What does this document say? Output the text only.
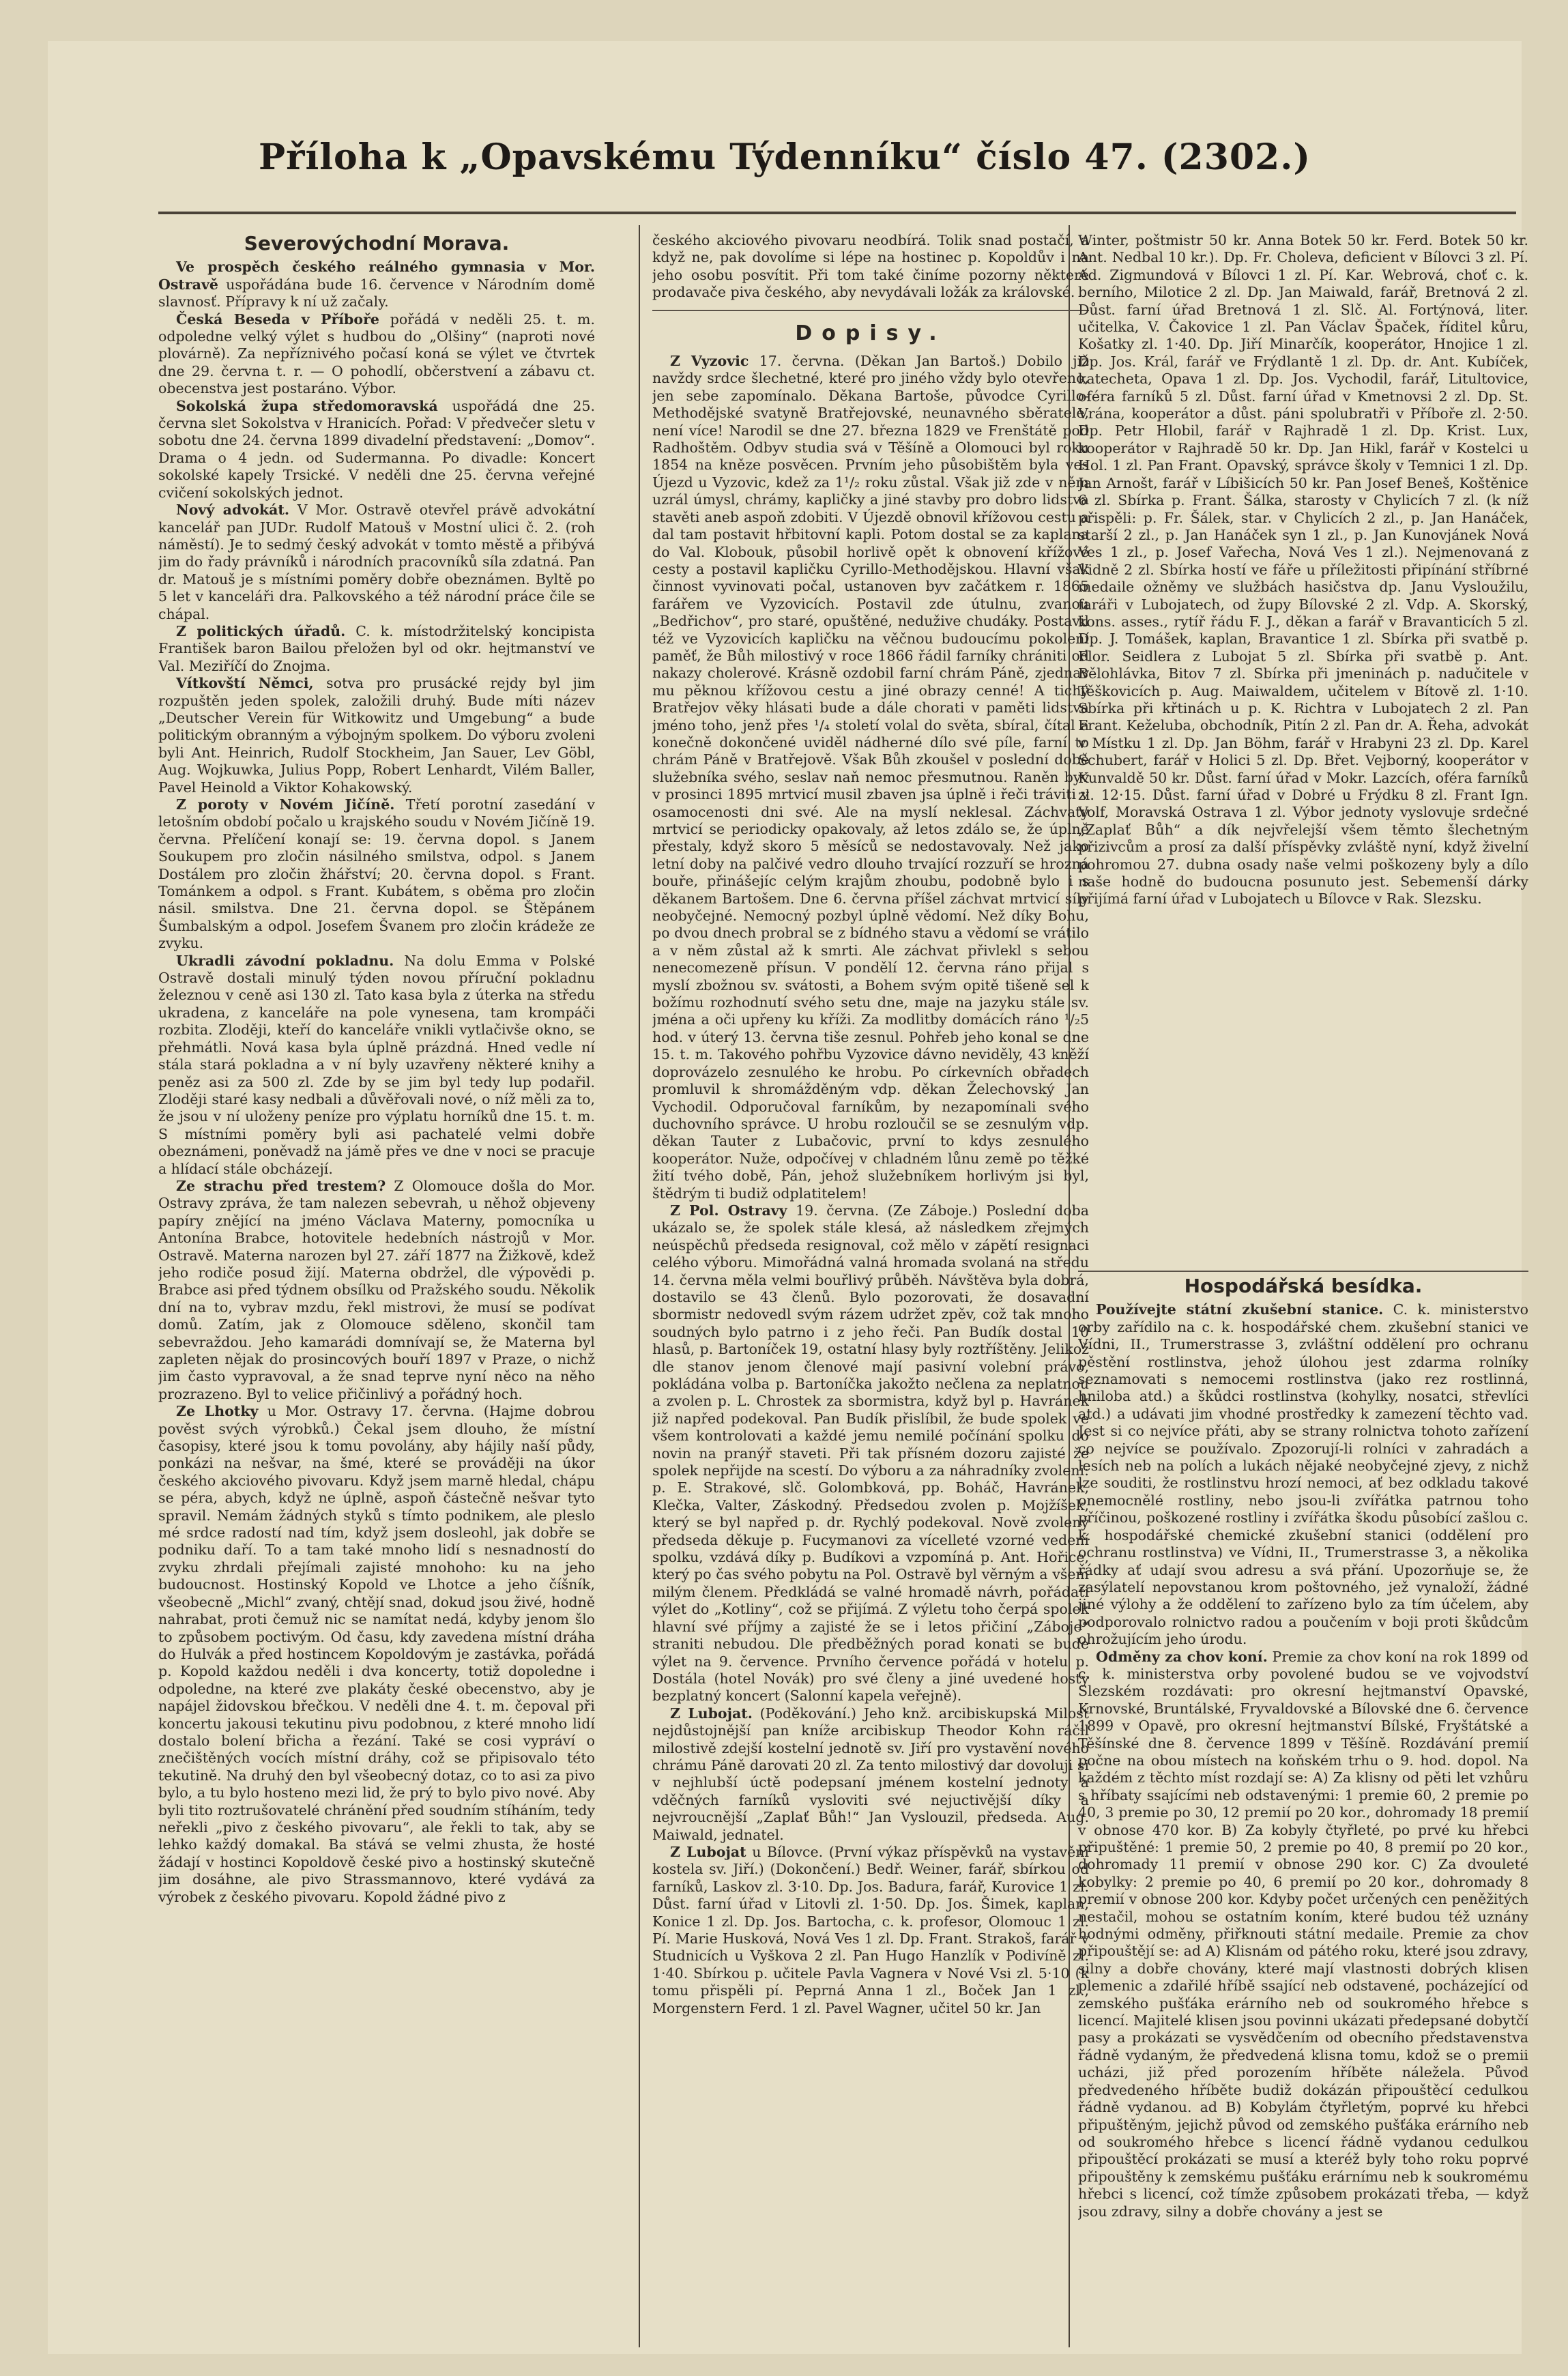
Příloha k „Opavskému Týdenníku“ číslo 47. (2302.)
Severovýchodní Morava.

Ve prospěch českého reálného gymnasia v Mor. Ostravě uspořádána bude 16. července v Národním domě slavnosť. Přípravy k ní už začaly.

Česká Beseda v Příboře pořádá v neděli 25. t. m. odpoledne velký výlet s hudbou do „Olšiny“ (naproti nové plovárně). Za nepříznivého počasí koná se výlet ve čtvrtek dne 29. června t. r. — O pohodlí, občerstvení a zábavu ct. obecenstva jest postaráno. Výbor.

Sokolská župa středomoravská uspořádá dne 25. června slet Sokolstva v Hranicích. Pořad: V předvečer sletu v sobotu dne 24. června 1899 divadelní představení: „Domov“. Drama o 4 jedn. od Sudermanna. Po divadle: Koncert sokolské kapely Trsické. V neděli dne 25. června veřejné cvičení sokolských jednot.

Nový advokát. V Mor. Ostravě otevřel právě advokátní kancelář pan JUDr. Rudolf Matouš v Mostní ulici č. 2. (roh náměstí). Je to sedmý český advokát v tomto městě a přibývá jim do řady právníků i národních pracovníků síla zdatná. Pan dr. Matouš je s místními poměry dobře obeznámen. Byltě po 5 let v kanceláři dra. Palkovského a též národní práce čile se chápal.

Z politických úřadů. C. k. místodržitelský koncipista František baron Bailou přeložen byl od okr. hejtmanství ve Val. Meziříčí do Znojma.

Vítkovští Němci, sotva pro prusácké rejdy byl jim rozpuštěn jeden spolek, založili druhý. Bude míti název „Deutscher Verein für Witkowitz und Umgebung“ a bude politickým obranným a výbojným spolkem. Do výboru zvoleni byli Ant. Heinrich, Rudolf Stockheim, Jan Sauer, Lev Göbl, Aug. Wojkuwka, Julius Popp, Robert Lenhardt, Vilém Baller, Pavel Heinold a Viktor Kohakowský.

Z poroty v Novém Jičíně. Třetí porotní zasedání v letošním období počalo u krajského soudu v Novém Jičíně 19. června. Přelíčení konají se: 19. června dopol. s Janem Soukupem pro zločin násilného smilstva, odpol. s Janem Dostálem pro zločin žhářství; 20. června dopol. s Frant. Tománkem a odpol. s Frant. Kubátem, s oběma pro zločin násil. smilstva. Dne 21. června dopol. se Štěpánem Šumbalským a odpol. Josefem Švanem pro zločin krádeže ze zvyku.

Ukradli závodní pokladnu. Na dolu Emma v Polské Ostravě dostali minulý týden novou příruční pokladnu železnou v ceně asi 130 zl. Tato kasa byla z úterka na středu ukradena, z kanceláře na pole vynesena, tam krompáči rozbita. Zloději, kteří do kanceláře vnikli vytlačivše okno, se přehmátli. Nová kasa byla úplně prázdná. Hned vedle ní stála stará pokladna a v ní byly uzavřeny některé knihy a peněz asi za 500 zl. Zde by se jim byl tedy lup podařil. Zloději staré kasy nedbali a důvěřovali nové, o níž měli za to, že jsou v ní uloženy peníze pro výplatu horníků dne 15. t. m. S místními poměry byli asi pachatelé velmi dobře obeznámeni, poněvadž na jámě přes ve dne v noci se pracuje a hlídací stále obcházejí.

Ze strachu před trestem? Z Olomouce došla do Mor. Ostravy zpráva, že tam nalezen sebevrah, u něhož objeveny papíry znějící na jméno Václava Materny, pomocníka u Antonína Brabce, hotovitele hedebních nástrojů v Mor. Ostravě. Materna narozen byl 27. září 1877 na Žižkově, kdež jeho rodiče posud žijí. Materna obdržel, dle výpovědi p. Brabce asi před týdnem obsílku od Pražského soudu. Několik dní na to, vybrav mzdu, řekl mistrovi, že musí se podívat domů. Zatím, jak z Olomouce sděleno, skončil tam sebevraždou. Jeho kamarádi domnívají se, že Materna byl zapleten nějak do prosincových bouří 1897 v Praze, o nichž jim často vypravoval, a že snad teprve nyní něco na něho prozrazeno. Byl to velice přičinlivý a pořádný hoch.

Ze Lhotky u Mor. Ostravy 17. června. (Hajme dobrou pověst svých výrobků.) Čekal jsem dlouho, že místní časopisy, které jsou k tomu povolány, aby hájily naší půdy, ponkázi na nešvar, na šmé, které se prováději na úkor českého akciového pivovaru. Když jsem marně hledal, chápu se péra, abych, když ne úplně, aspoň částečně nešvar tyto spravil. Nemám žádných styků s tímto podnikem, ale pleslo mé srdce radostí nad tím, když jsem dosleohl, jak dobře se podniku daří. To a tam také mnoho lidí s nesnadností do zvyku zhrdali přejímali zajisté mnohoho: ku na jeho budoucnost. Hostinský Kopold ve Lhotce a jeho číšník, všeobecně „Michl“ zvaný, chtějí snad, dokud jsou živé, hodně nahrabat, proti čemuž nic se namítat nedá, kdyby jenom šlo to způsobem poctivým. Od času, kdy zavedena místní dráha do Hulvák a před hostincem Kopoldovým je zastávka, pořádá p. Kopold každou neděli i dva koncerty, totiž dopoledne i odpoledne, na které zve plakáty české obecenstvo, aby je napájel židovskou břečkou. V neděli dne 4. t. m. čepoval při koncertu jakousi tekutinu pivu podobnou, z které mnoho lidí dostalo bolení břicha a řezání. Také se cosi vypráví o znečištěných vocích místní dráhy, což se připisovalo této tekutině. Na druhý den byl všeobecný dotaz, co to asi za pivo bylo, a tu bylo hosteno mezi lid, že prý to bylo pivo nové. Aby byli tito roztrušovatelé chránění před soudním stíháním, tedy neřekli „pivo z českého pivovaru“, ale řekli to tak, aby se lehko každý domakal. Ba stává se velmi zhusta, že hosté žádají v hostinci Kopoldově české pivo a hostinský skutečně jim dosáhne, ale pivo Strassmannovo, které vydává za výrobek z českého pivovaru. Kopold žádné pivo z

českého akciového pivovaru neodbírá. Tolik snad postačí, a když ne, pak dovolíme si lépe na hostinec p. Kopoldův i na jeho osobu posvítit. Při tom také činíme pozorny některé prodavače piva českého, aby nevydávali ložák za královské.

Dopisy.

Z Vyzovic 17. června. (Děkan Jan Bartoš.) Dobilo již navždy srdce šlechetné, které pro jiného vždy bylo otevřeno, jen sebe zapomínalo. Děkana Bartoše, původce Cyrillo-Methodějské svatyně Bratřejovské, neunavného sběratele, není více! Narodil se dne 27. března 1829 ve Frenštátě pod Radhoštěm. Odbyv studia svá v Těšíně a Olomouci byl roku 1854 na kněze posvěcen. Prvním jeho působištěm byla ves Újezd u Vyzovic, kdež za 1¹/₂ roku zůstal. Však již zde v něm uzrál úmysl, chrámy, kapličky a jiné stavby pro dobro lidstva stavěti aneb aspoň zdobiti. V Újezdě obnovil křížovou cestu a dal tam postavit hřbitovní kapli. Potom dostal se za kaplana do Val. Klobouk, působil horlivě opět k obnovení křížové cesty a postavil kapličku Cyrillo-Methodějskou. Hlavní však činnost vyvinovati počal, ustanoven byv začátkem r. 1865 farářem ve Vyzovicích. Postavil zde útulnu, zvanou „Bedřichov“, pro staré, opuštěné, nedužive chudáky. Postavil též ve Vyzovicích kapličku na věčnou budoucímu pokolení paměť, že Bůh milostivý v roce 1866 řádil farníky chrániti od nakazy cholerové. Krásně ozdobil farní chrám Páně, zjednav mu pěknou křížovou cestu a jiné obrazy cenné! A tichý Bratřejov věky hlásati bude a dále chorati v paměti lidstva jméno toho, jenž přes ¹/₄ století volal do světa, sbíral, čítal a konečně dokončené uviděl nádherné dílo své píle, farní to chrám Páně v Bratřejově. Však Bůh zkoušel v poslední době služebníka svého, seslav naň nemoc přesmutnou. Raněn byv v prosinci 1895 mrtvicí musil zbaven jsa úplně i řeči tráviti v osamocenosti dni své. Ale na myslí neklesal. Záchvaty mrtvicí se periodicky opakovaly, až letos zdálo se, že úplně přestaly, když skoro 5 měsíců se nedostavovaly. Než jako letní doby na palčivé vedro dlouho trvající rozzuří se hrozná bouře, přinášejíc celým krajům zhoubu, podobně bylo i s děkanem Bartošem. Dne 6. června příšel záchvat mrtvicí síly neobyčejné. Nemocný pozbyl úplně vědomí. Než díky Bohu, po dvou dnech probral se z bídného stavu a vědomí se vrátilo a v něm zůstal až k smrti. Ale záchvat přivlekl s sebou nenecomezeně přísun. V pondělí 12. června ráno přijal s myslí zbožnou sv. svátosti, a Bohem svým opitě tišeně sel k božímu rozhodnutí svého setu dne, maje na jazyku stále sv. jména a oči upřeny ku kříži. Za modlitby domácích ráno ¹/₂5 hod. v úterý 13. června tiše zesnul. Pohřeb jeho konal se dne 15. t. m. Takového pohřbu Vyzovice dávno neviděly, 43 kněží doprovázelo zesnulého ke hrobu. Po církevních obřadech promluvil k shromážděným vdp. děkan Želechovský Jan Vychodil. Odporučoval farníkům, by nezapomínali svého duchovního správce. U hrobu rozloučil se se zesnulým vdp. děkan Tauter z Lubačovic, první to kdys zesnulého kooperátor. Nuže, odpočívej v chladném lůnu země po těžké žití tvého době, Pán, jehož služebníkem horlivým jsi byl, štědrým ti budiž odplatitelem!

Z Pol. Ostravy 19. června. (Ze Záboje.) Poslední doba ukázalo se, že spolek stále klesá, až následkem zřejmých neúspěchů předseda resignoval, což mělo v zápětí resignaci celého výboru. Mimořádná valná hromada svolaná na středu 14. června měla velmi bouřlivý průběh. Návštěva byla dobrá, dostavilo se 43 členů. Bylo pozorovati, že dosavadní sbormistr nedovedl svým rázem udržet zpěv, což tak mnoho soudných bylo patrno i z jeho řeči. Pan Budík dostal 10 hlasů, p. Bartoníček 19, ostatní hlasy byly roztříštěny. Jelikož dle stanov jenom členové mají pasivní volební právo, pokládána volba p. Bartoníčka jakožto nečlena za neplatnou a zvolen p. L. Chrostek za sbormistra, když byl p. Havránek již napřed podekoval. Pan Budík přislíbil, že bude spolek ve všem kontrolovati a každé jemu nemilé počínání spolku do novin na pranýř staveti. Při tak přísném dozoru zajisté že spolek nepřijde na scestí. Do výboru a za náhradníky zvoleni: p. E. Strakové, slč. Golombková, pp. Boháč, Havránek, Klečka, Valter, Záskodný. Předsedou zvolen p. Mojžíšek, který se byl napřed p. dr. Rychlý podekoval. Nově zvolený předseda děkuje p. Fucymanovi za vícelleté vzorné vedení spolku, vzdává díky p. Budíkovi a vzpomíná p. Ant. Hořice, který po čas svého pobytu na Pol. Ostravě byl věrným a všem milým členem. Předkládá se valné hromadě návrh, pořádati výlet do „Kotliny“, což se přijímá. Z výletu toho čerpá spolek hlavní své příjmy a zajisté že se i letos přičiní „Záboje“ straniti nebudou. Dle předběžných porad konati se bude výlet na 9. července. Prvního července pořádá v hotelu p. Dostála (hotel Novák) pro své členy a jiné uvedené hosty bezplatný koncert (Salonní kapela veřejně).

Z Lubojat. (Poděkování.) Jeho knž. arcibiskupská Milosť nejdůstojnější pan kníže arcibiskup Theodor Kohn ráčil milostivě zdejší kostelní jednotě sv. Jiří pro vystavění nového chrámu Páně darovati 20 zl. Za tento milostivý dar dovoluji si v nejhlubší úctě podepsaní jménem kostelní jednoty a vděčných farníků vysloviti své nejuctivější díky a nejvroucnější „Zaplať Bůh!“ Jan Vyslouzil, předseda. Aug. Maiwald, jednatel.

Z Lubojat u Bílovce. (První výkaz příspěvků na vystavění kostela sv. Jiří.) (Dokončení.) Bedř. Weiner, farář, sbírkou od farníků, Laskov zl. 3·10. Dp. Jos. Badura, farář, Kurovice 1 zl. Důst. farní úřad v Litovli zl. 1·50. Dp. Jos. Šimek, kaplan, Konice 1 zl. Dp. Jos. Bartocha, c. k. profesor, Olomouc 1 zl. Pí. Marie Husková, Nová Ves 1 zl. Dp. Frant. Strakoš, farář v Studnicích u Vyškova 2 zl. Pan Hugo Hanzlík v Podivíně zl. 1·40. Sbírkou p. učitele Pavla Vagnera v Nové Vsi zl. 5·10 (k tomu přispěli pí. Peprná Anna 1 zl., Boček Jan 1 zl., Morgenstern Ferd. 1 zl. Pavel Wagner, učitel 50 kr. Jan

Winter, poštmistr 50 kr. Anna Botek 50 kr. Ferd. Botek 50 kr. Ant. Nedbal 10 kr.). Dp. Fr. Choleva, deficient v Bílovci 3 zl. Pí. Ad. Zigmundová v Bílovci 1 zl. Pí. Kar. Webrová, choť c. k. berního, Milotice 2 zl. Dp. Jan Maiwald, farář, Bretnová 2 zl. Důst. farní úřad Bretnová 1 zl. Slč. Al. Fortýnová, liter. učitelka, V. Čakovice 1 zl. Pan Václav Špaček, říditel kůru, Košatky zl. 1·40. Dp. Jiří Minarčík, kooperátor, Hnojice 1 zl. Dp. Jos. Král, farář ve Frýdlantě 1 zl. Dp. dr. Ant. Kubíček, katecheta, Opava 1 zl. Dp. Jos. Vychodil, farář, Litultovice, oféra farníků 5 zl. Důst. farní úřad v Kmetnovsi 2 zl. Dp. St. Vrána, kooperátor a důst. páni spolubratři v Příboře zl. 2·50. Dp. Petr Hlobil, farář v Rajhradě 1 zl. Dp. Krist. Lux, kooperátor v Rajhradě 50 kr. Dp. Jan Hikl, farář v Kostelci u Hol. 1 zl. Pan Frant. Opavský, správce školy v Temnici 1 zl. Dp. Jan Arnošt, farář v Líbišicích 50 kr. Pan Josef Beneš, Koštěnice 6 zl. Sbírka p. Frant. Šálka, starosty v Chylicích 7 zl. (k níž přispěli: p. Fr. Šálek, star. v Chylicích 2 zl., p. Jan Hanáček, starší 2 zl., p. Jan Hanáček syn 1 zl., p. Jan Kunovjánek Nová Ves 1 zl., p. Josef Vařecha, Nová Ves 1 zl.). Nejmenovaná z Vidně 2 zl. Sbírka hostí ve fáře u příležitosti připínání stříbrné medaile ožněmy ve službách hasičstva dp. Janu Vysloužilu, faráři v Lubojatech, od župy Bílovské 2 zl. Vdp. A. Skorský, kons. asses., rytíř řádu F. J., děkan a farář v Bravanticích 5 zl. Dp. J. Tomášek, kaplan, Bravantice 1 zl. Sbírka při svatbě p. Flor. Seidlera z Lubojat 5 zl. Sbírka při svatbě p. Ant. Bělohlávka, Bitov 7 zl. Sbírka při jmeninách p. nadučitele v Těškovicích p. Aug. Maiwaldem, učitelem v Bítově zl. 1·10. Sbírka při křtinách u p. K. Richtra v Lubojatech 2 zl. Pan Frant. Keželuba, obchodník, Pitín 2 zl. Pan dr. A. Řeha, advokát v Místku 1 zl. Dp. Jan Böhm, farář v Hrabyni 23 zl. Dp. Karel Schubert, farář v Holici 5 zl. Dp. Břet. Vejborný, kooperátor v Kunvaldě 50 kr. Důst. farní úřad v Mokr. Lazcích, oféra farníků zl. 12·15. Důst. farní úřad v Dobré u Frýdku 8 zl. Frant Ign. Volf, Moravská Ostrava 1 zl. Výbor jednoty vyslovuje srdečné „Zaplať Bůh“ a dík nejvřelejší všem těmto šlechetným přizivcům a prosí za další příspěvky zvláště nyní, když živelní pohromou 27. dubna osady naše velmi poškozeny byly a dílo naše hodně do budoucna posunuto jest. Sebemenší dárky přijímá farní úřad v Lubojatech u Bílovce v Rak. Slezsku.

Hospodářská besídka.

Používejte státní zkušební stanice. C. k. ministerstvo orby zařídilo na c. k. hospodářské chem. zkušební stanici ve Vídni, II., Trumerstrasse 3, zvláštní oddělení pro ochranu pěstění rostlinstva, jehož úlohou jest zdarma rolníky seznamovati s nemocemi rostlinstva (jako rez rostlinná, hniloba atd.) a škůdci rostlinstva (kohylky, nosatci, střevlíci atd.) a udávati jim vhodné prostředky k zamezení těchto vad. Jest si co nejvíce přáti, aby se strany rolnictva tohoto zařízení co nejvíce se používalo. Zpozorují-li rolníci v zahradách a lesích neb na polích a lukách nějaké neobyčejné zjevy, z nichž lze souditi, že rostlinstvu hrozí nemoci, ať bez odkladu takové onemocnělé rostliny, nebo jsou-li zvířátka patrnou toho příčinou, poškozené rostliny i zvířátka škodu působící zašlou c. k. hospodářské chemické zkušební stanici (oddělení pro ochranu rostlinstva) ve Vídni, II., Trumerstrasse 3, a několika řádky ať udají svou adresu a svá přání. Upozorňuje se, že zasýlatelí nepovstanou krom poštovného, jež vynaloží, žádné jiné výlohy a že oddělení to zařízeno bylo za tím účelem, aby podporovalo rolnictvo radou a poučením v boji proti škůdcům ohrožujícím jeho úrodu.

Odměny za chov koní. Premie za chov koní na rok 1899 od c. k. ministerstva orby povolené budou se ve vojvodství Slezském rozdávati: pro okresní hejtmanství Opavské, Krnovské, Bruntálské, Fryvaldovské a Bílovské dne 6. července 1899 v Opavě, pro okresní hejtmanství Bílské, Fryštátské a Těšínské dne 8. července 1899 v Těšíně. Rozdávání premií počne na obou místech na koňském trhu o 9. hod. dopol. Na každém z těchto míst rozdají se: A) Za klisny od pěti let vzhůru s hříbaty ssajícími neb odstavenými: 1 premie 60, 2 premie po 40, 3 premie po 30, 12 premií po 20 kor., dohromady 18 premií v obnose 470 kor. B) Za kobyly čtyřleté, po prvé ku hřebci připuštěné: 1 premie 50, 2 premie po 40, 8 premií po 20 kor., dohromady 11 premií v obnose 290 kor. C) Za dvouleté kobylky: 2 premie po 40, 6 premií po 20 kor., dohromady 8 premií v obnose 200 kor. Kdyby počet určených cen peněžitých nestačil, mohou se ostatním koním, které budou též uznány hodnými odměny, přiřknouti státní medaile. Premie za chov připouštějí se: ad A) Klisnám od pátého roku, které jsou zdravy, silny a dobře chovány, které mají vlastnosti dobrých klisen plemenic a zdařilé hříbě ssající neb odstavené, pocházející od zemského pušťáka erárního neb od soukromého hřebce s licencí. Majitelé klisen jsou povinni ukázati předepsané dobytčí pasy a prokázati se vysvědčením od obecního představenstva řádně vydaným, že předvedená klisna tomu, kdož se o premii ucházi, již před porozením hříběte náležela. Původ předvedeného hříběte budiž dokázán připouštěcí cedulkou řádně vydanou. ad B) Kobylám čtyřletým, poprvé ku hřebci připuštěným, jejichž původ od zemského pušťáka erárního neb od soukromého hřebce s licencí řádně vydanou cedulkou připouštěcí prokázati se musí a kteréž byly toho roku poprvé připouštěny k zemskému pušťáku erárnímu neb k soukromému hřebci s licencí, což tímže způsobem prokázati třeba, — když jsou zdravy, silny a dobře chovány a jest se
